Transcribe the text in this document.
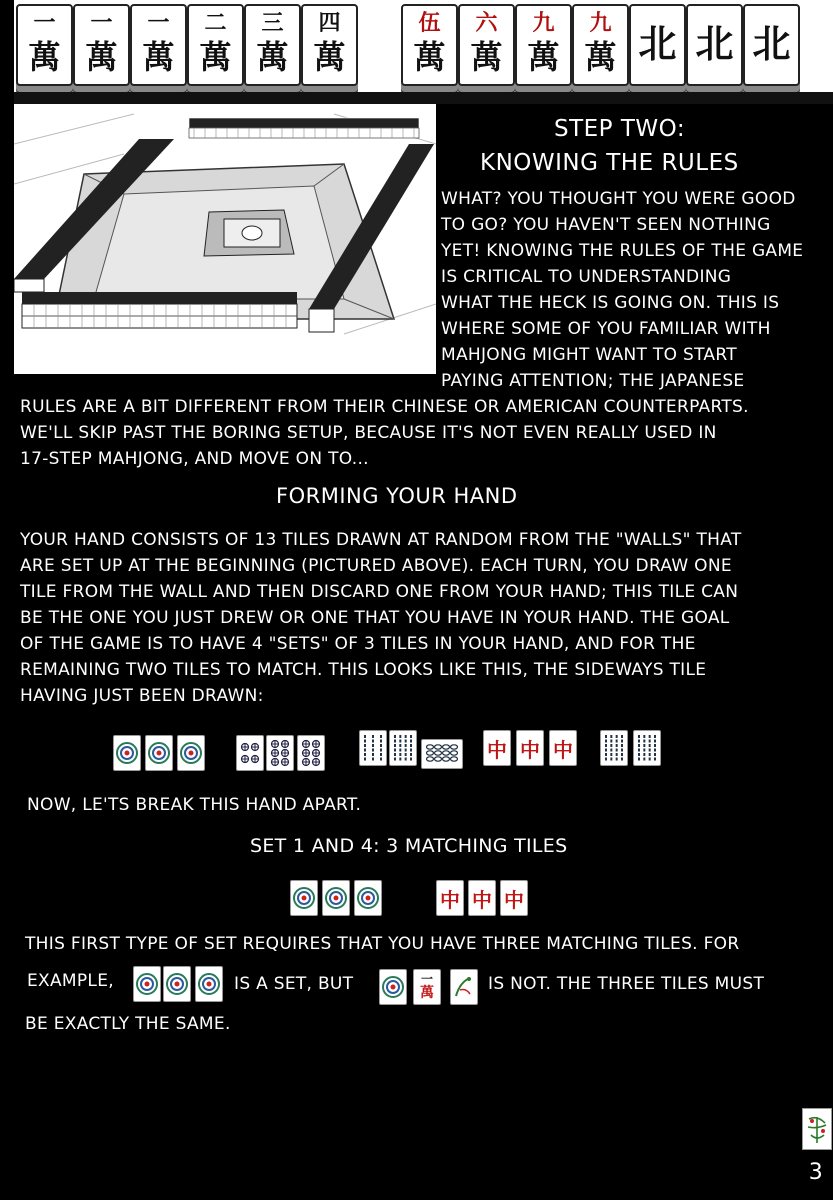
一
萬
一
萬
一
萬
二
萬
三
萬
四
萬
伍
萬
六
萬
九
萬
九
萬 北 北 北
STEP TWO:
KNOWING THE RULES
WHAT? YOU THOUGHT YOU WERE GOOD
TO GO? YOU HAVEN'T SEEN NOTHING
YET! KNOWING THE RULES OF THE GAME
IS CRITICAL TO UNDERSTANDING
WHAT THE HECK IS GOING ON. THIS IS
WHERE SOME OF YOU FAMILIAR WITH
MAHJONG MIGHT WANT TO START
PAYING ATTENTION; THE JAPANESE
RULES ARE A BIT DIFFERENT FROM THEIR CHINESE OR AMERICAN COUNTERPARTS.
WE'LL SKIP PAST THE BORING SETUP, BECAUSE IT'S NOT EVEN REALLY USED IN
17-STEP MAHJONG, AND MOVE ON TO...
FORMING YOUR HAND
YOUR HAND CONSISTS OF 13 TILES DRAWN AT RANDOM FROM THE "WALLS" THAT
ARE SET UP AT THE BEGINNING (PICTURED ABOVE). EACH TURN, YOU DRAW ONE
TILE FROM THE WALL AND THEN DISCARD ONE FROM YOUR HAND; THIS TILE CAN
BE THE ONE YOU JUST DREW OR ONE THAT YOU HAVE IN YOUR HAND. THE GOAL
OF THE GAME IS TO HAVE 4 "SETS" OF 3 TILES IN YOUR HAND, AND FOR THE
REMAINING TWO TILES TO MATCH. THIS LOOKS LIKE THIS, THE SIDEWAYS TILE
HAVING JUST BEEN DRAWN:
中 中 中
中 中 中
一
萬
NOW, LE'TS BREAK THIS HAND APART.
SET 1 AND 4: 3 MATCHING TILES
THIS FIRST TYPE OF SET REQUIRES THAT YOU HAVE THREE MATCHING TILES. FOR
EXAMPLE,	IS A SET, BUT	IS NOT. THE THREE TILES MUST
BE EXACTLY THE SAME.
3
